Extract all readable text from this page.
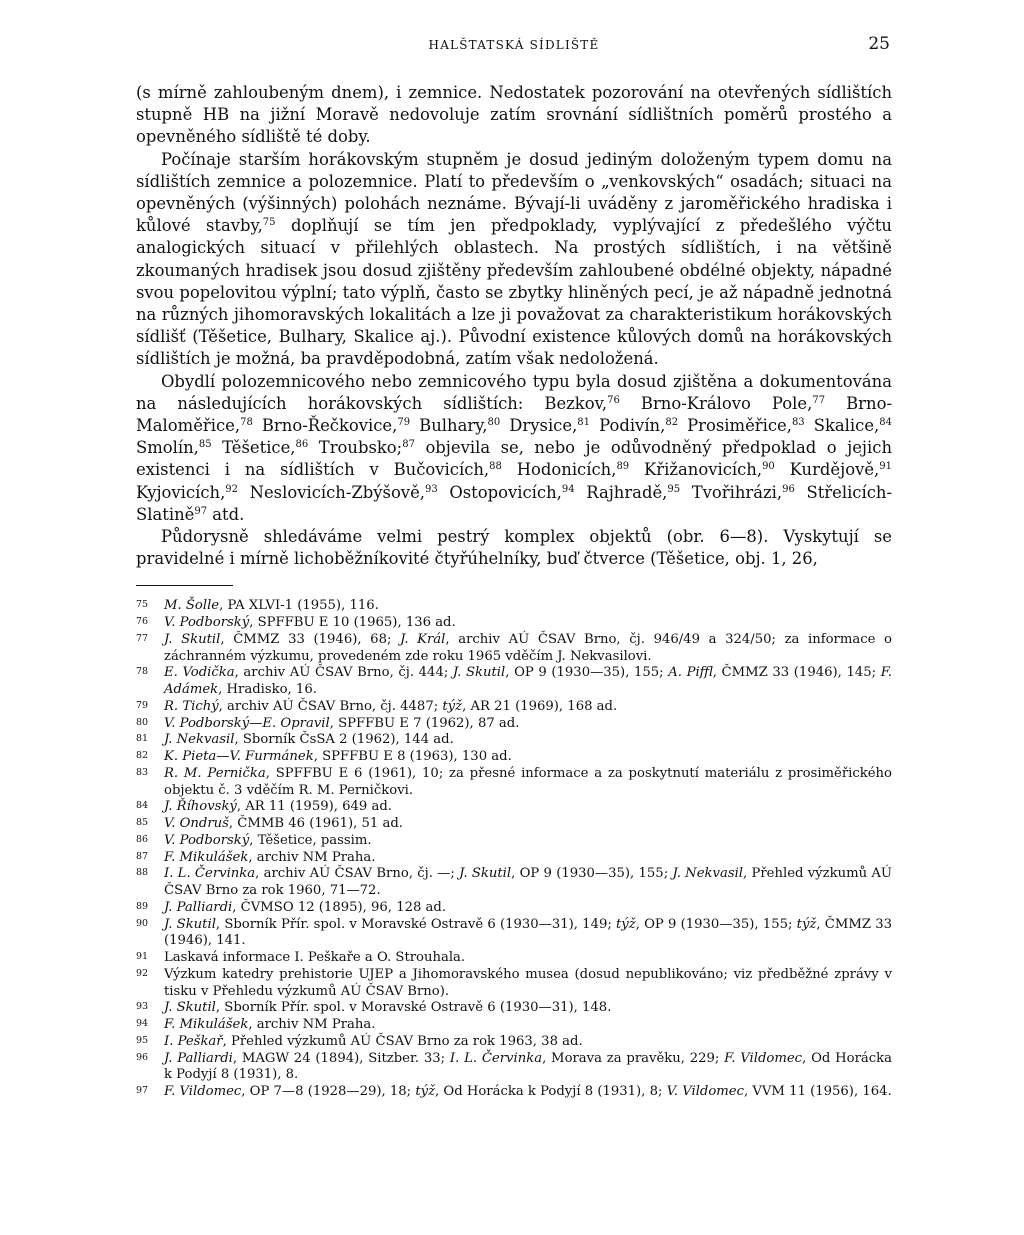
HALŠTATSKÁ SÍDLIŠTĚ	25

(s mírně zahloubeným dnem), i zemnice. Nedostatek pozorování na otevřených sídlištích stupně HB na jižní Moravě nedovoluje zatím srovnání sídlištních poměrů prostého a opevněného sídliště té doby.

Počínaje starším horákovským stupněm je dosud jediným doloženým typem domu na sídlištích zemnice a polozemnice. Platí to především o „venkovských“ osadách; situaci na opevněných (výšinných) polohách neznáme. Bývají-li uváděny z jaroměřického hradiska i kůlové stavby,$^{75}$ doplňují se tím jen předpoklady, vyplývající z předešlého výčtu analogických situací v přilehlých oblastech. Na prostých sídlištích, i na většině zkoumaných hradisek jsou dosud zjištěny především zahloubené obdélné objekty, nápadné svou popelovitou výplní; tato výplň, často se zbytky hliněných pecí, je až nápadně jednotná na různých jihomoravských lokalitách a lze ji považovat za charakteristikum horákovských sídlišť (Těšetice, Bulhary, Skalice aj.). Původní existence kůlových domů na horákovských sídlištích je možná, ba pravděpodobná, zatím však nedoložená.

Obydlí polozemnicového nebo zemnicového typu byla dosud zjištěna a dokumentována na následujících horákovských sídlištích: Bezkov,$^{76}$ Brno-Královo Pole,$^{77}$ Brno-Maloměřice,$^{78}$ Brno-Řečkovice,$^{79}$ Bulhary,$^{80}$ Drysice,$^{81}$ Podivín,$^{82}$ Prosiměřice,$^{83}$ Skalice,$^{84}$ Smolín,$^{85}$ Těšetice,$^{86}$ Troubsko;$^{87}$ objevila se, nebo je odůvodněný předpoklad o jejich existenci i na sídlištích v Bučovicích,$^{88}$ Hodonicích,$^{89}$ Křižanovicích,$^{90}$ Kurdějově,$^{91}$ Kyjovicích,$^{92}$ Neslovicích-Zbýšově,$^{93}$ Ostopovicích,$^{94}$ Rajhradě,$^{95}$ Tvořihrázi,$^{96}$ Střelicích-Slatině$^{97}$ atd.

Půdorysně shledáváme velmi pestrý komplex objektů (obr. 6—8). Vyskytují se pravidelné i mírně lichoběžníkovité čtyřúhelníky, buď čtverce (Těšetice, obj. 1, 26,

75	M. Šolle, PA XLVI-1 (1955), 116.
76	V. Podborský, SPFFBU E 10 (1965), 136 ad.
77	J. Skutil, ČMMZ 33 (1946), 68; J. Král, archiv AÚ ČSAV Brno, čj. 946/49 a 324/50; za informace o záchranném výzkumu, provedeném zde roku 1965 vděčím J. Nekvasilovi.
78	E. Vodička, archiv AÚ ČSAV Brno, čj. 444; J. Skutil, OP 9 (1930—35), 155; A. Piffl, ČMMZ 33 (1946), 145; F. Adámek, Hradisko, 16.
79	R. Tichý, archiv AÚ ČSAV Brno, čj. 4487; týž, AR 21 (1969), 168 ad.
80	V. Podborský—E. Opravil, SPFFBU E 7 (1962), 87 ad.
81	J. Nekvasil, Sborník ČsSA 2 (1962), 144 ad.
82	K. Pieta—V. Furmánek, SPFFBU E 8 (1963), 130 ad.
83	R. M. Pernička, SPFFBU E 6 (1961), 10; za přesné informace a za poskytnutí materiálu z prosiměřického objektu č. 3 vděčím R. M. Perničkovi.
84	J. Říhovský, AR 11 (1959), 649 ad.
85	V. Ondruš, ČMMB 46 (1961), 51 ad.
86	V. Podborský, Těšetice, passim.
87	F. Mikulášek, archiv NM Praha.
88	I. L. Červinka, archiv AÚ ČSAV Brno, čj. —; J. Skutil, OP 9 (1930—35), 155; J. Nekvasil, Přehled výzkumů AÚ ČSAV Brno za rok 1960, 71—72.
89	J. Palliardi, ČVMSO 12 (1895), 96, 128 ad.
90	J. Skutil, Sborník Přír. spol. v Moravské Ostravě 6 (1930—31), 149; týž, OP 9 (1930—35), 155; týž, ČMMZ 33 (1946), 141.
91	Laskavá informace I. Peškaře a O. Strouhala.
92	Výzkum katedry prehistorie UJEP a Jihomoravského musea (dosud nepublikováno; viz předběžné zprávy v tisku v Přehledu výzkumů AÚ ČSAV Brno).
93	J. Skutil, Sborník Přír. spol. v Moravské Ostravě 6 (1930—31), 148.
94	F. Mikulášek, archiv NM Praha.
95	I. Peškař, Přehled výzkumů AÚ ČSAV Brno za rok 1963, 38 ad.
96	J. Palliardi, MAGW 24 (1894), Sitzber. 33; I. L. Červinka, Morava za pravěku, 229; F. Vildomec, Od Horácka k Podyjí 8 (1931), 8.
97	F. Vildomec, OP 7—8 (1928—29), 18; týž, Od Horácka k Podyjí 8 (1931), 8; V. Vildomec, VVM 11 (1956), 164.
